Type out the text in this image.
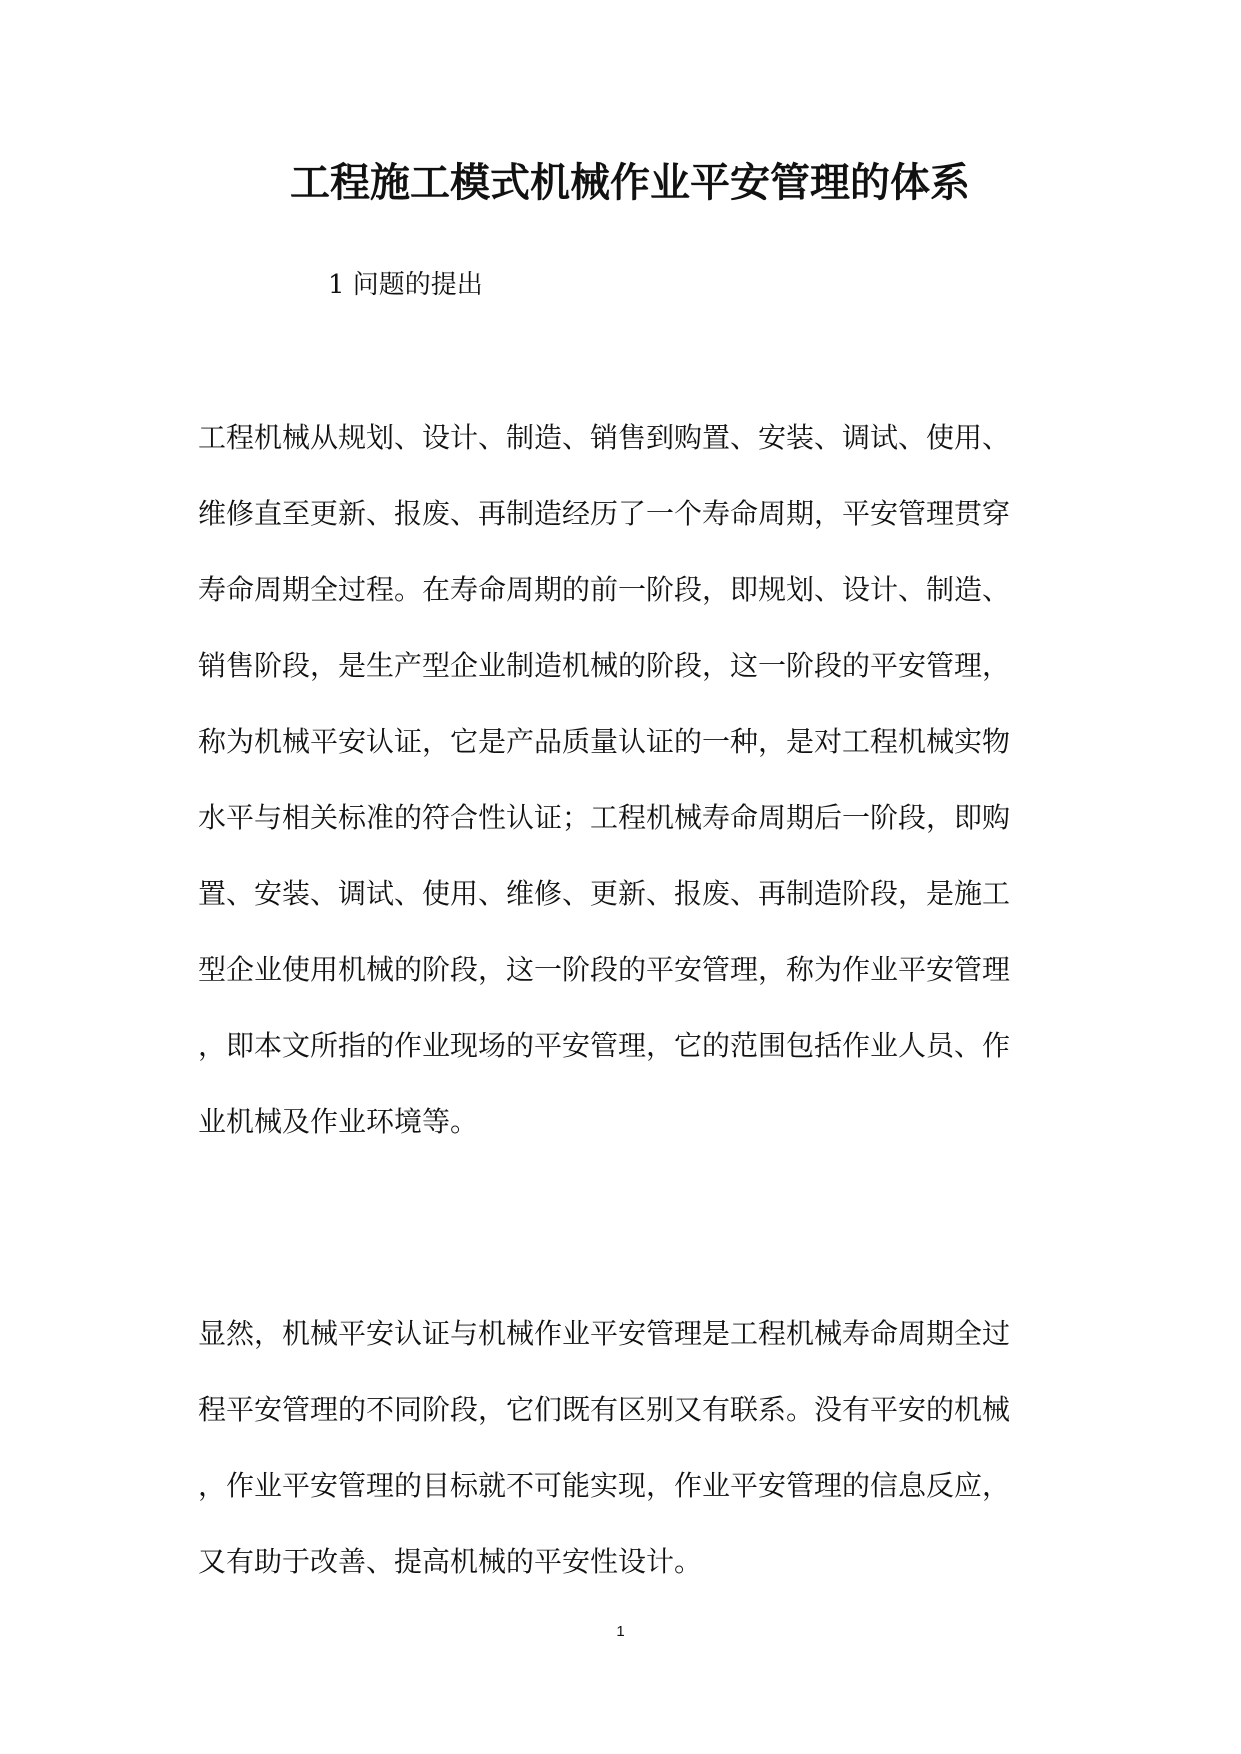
工程施工模式机械作业平安管理的体系
1 问题的提出
工程机械从规划、设计、制造、销售到购置、安装、调试、使用、
维修直至更新、报废、再制造经历了一个寿命周期，平安管理贯穿
寿命周期全过程。在寿命周期的前一阶段，即规划、设计、制造、
销售阶段，是生产型企业制造机械的阶段，这一阶段的平安管理，
称为机械平安认证，它是产品质量认证的一种，是对工程机械实物
水平与相关标准的符合性认证；工程机械寿命周期后一阶段，即购
置、安装、调试、使用、维修、更新、报废、再制造阶段，是施工
型企业使用机械的阶段，这一阶段的平安管理，称为作业平安管理
，即本文所指的作业现场的平安管理，它的范围包括作业人员、作
业机械及作业环境等。
显然，机械平安认证与机械作业平安管理是工程机械寿命周期全过
程平安管理的不同阶段，它们既有区别又有联系。没有平安的机械
，作业平安管理的目标就不可能实现，作业平安管理的信息反应，
又有助于改善、提高机械的平安性设计。
1
